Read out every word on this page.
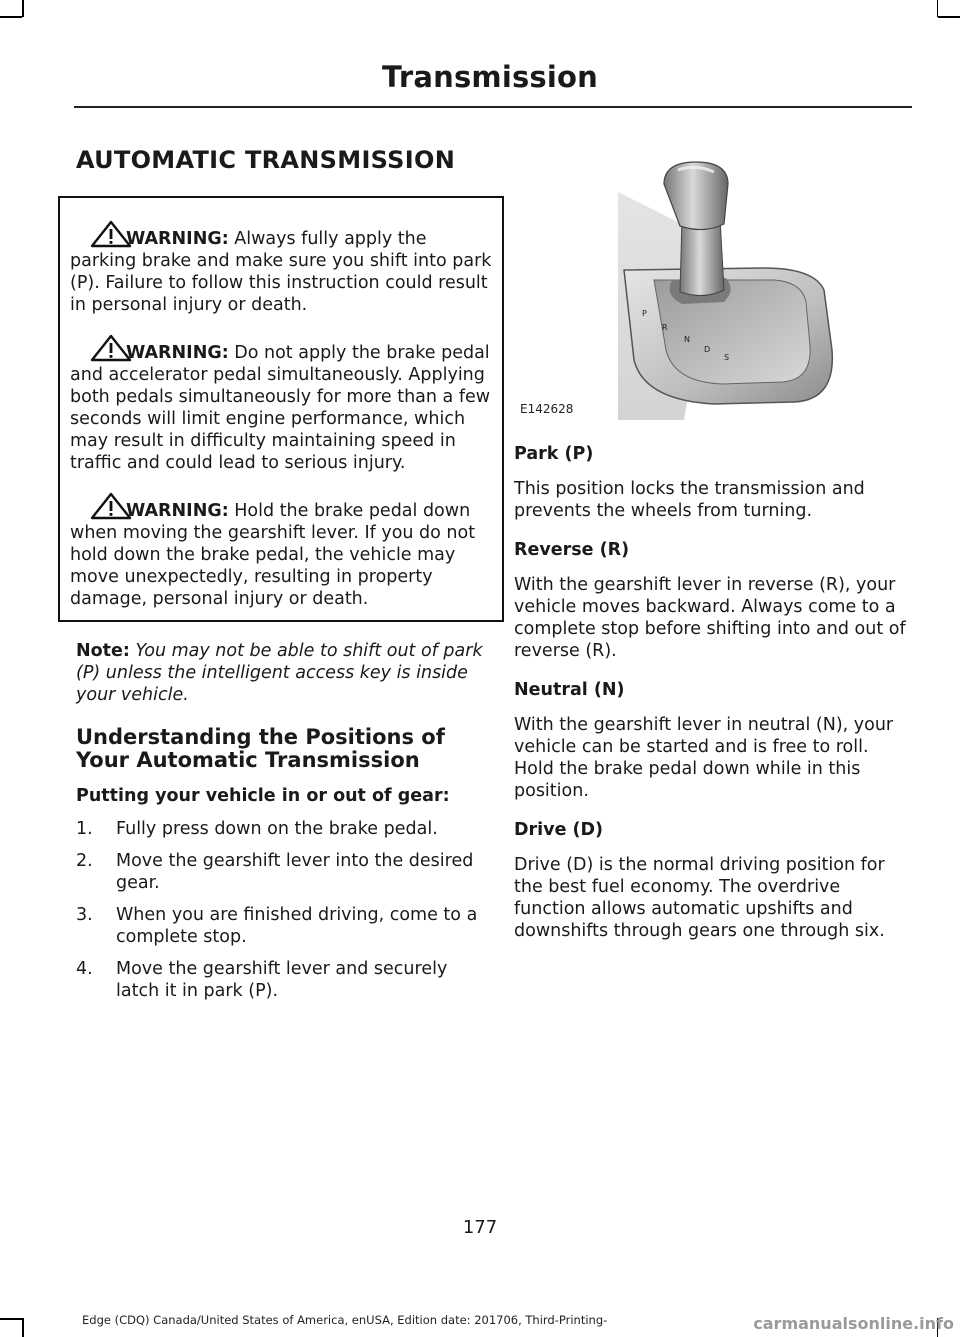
Transmission
AUTOMATIC TRANSMISSION

WARNING: Always fully apply the parking brake and make sure you shift into park (P). Failure to follow this instruction could result in personal injury or death.

WARNING: Do not apply the brake pedal and accelerator pedal simultaneously. Applying both pedals simultaneously for more than a few seconds will limit engine performance, which may result in difficulty maintaining speed in traffic and could lead to serious injury.

WARNING: Hold the brake pedal down when moving the gearshift lever. If you do not hold down the brake pedal, the vehicle may move unexpectedly, resulting in property damage, personal injury or death.

Note: You may not be able to shift out of park (P) unless the intelligent access key is inside your vehicle.

Understanding the Positions of Your Automatic Transmission
Putting your vehicle in or out of gear:
1. Fully press down on the brake pedal.
2. Move the gearshift lever into the desired gear.
3. When you are finished driving, come to a complete stop.
4. Move the gearshift lever and securely latch it in park (P).
P
R
N
D
S
E142628
Park (P)

This position locks the transmission and prevents the wheels from turning.

Reverse (R)

With the gearshift lever in reverse (R), your vehicle moves backward. Always come to a complete stop before shifting into and out of reverse (R).

Neutral (N)

With the gearshift lever in neutral (N), your vehicle can be started and is free to roll. Hold the brake pedal down while in this position.

Drive (D)

Drive (D) is the normal driving position for the best fuel economy. The overdrive function allows automatic upshifts and downshifts through gears one through six.

177
Edge (CDQ) Canada/United States of America, enUSA, Edition date: 201706, Third-Printing-	carmanualsonline.info
